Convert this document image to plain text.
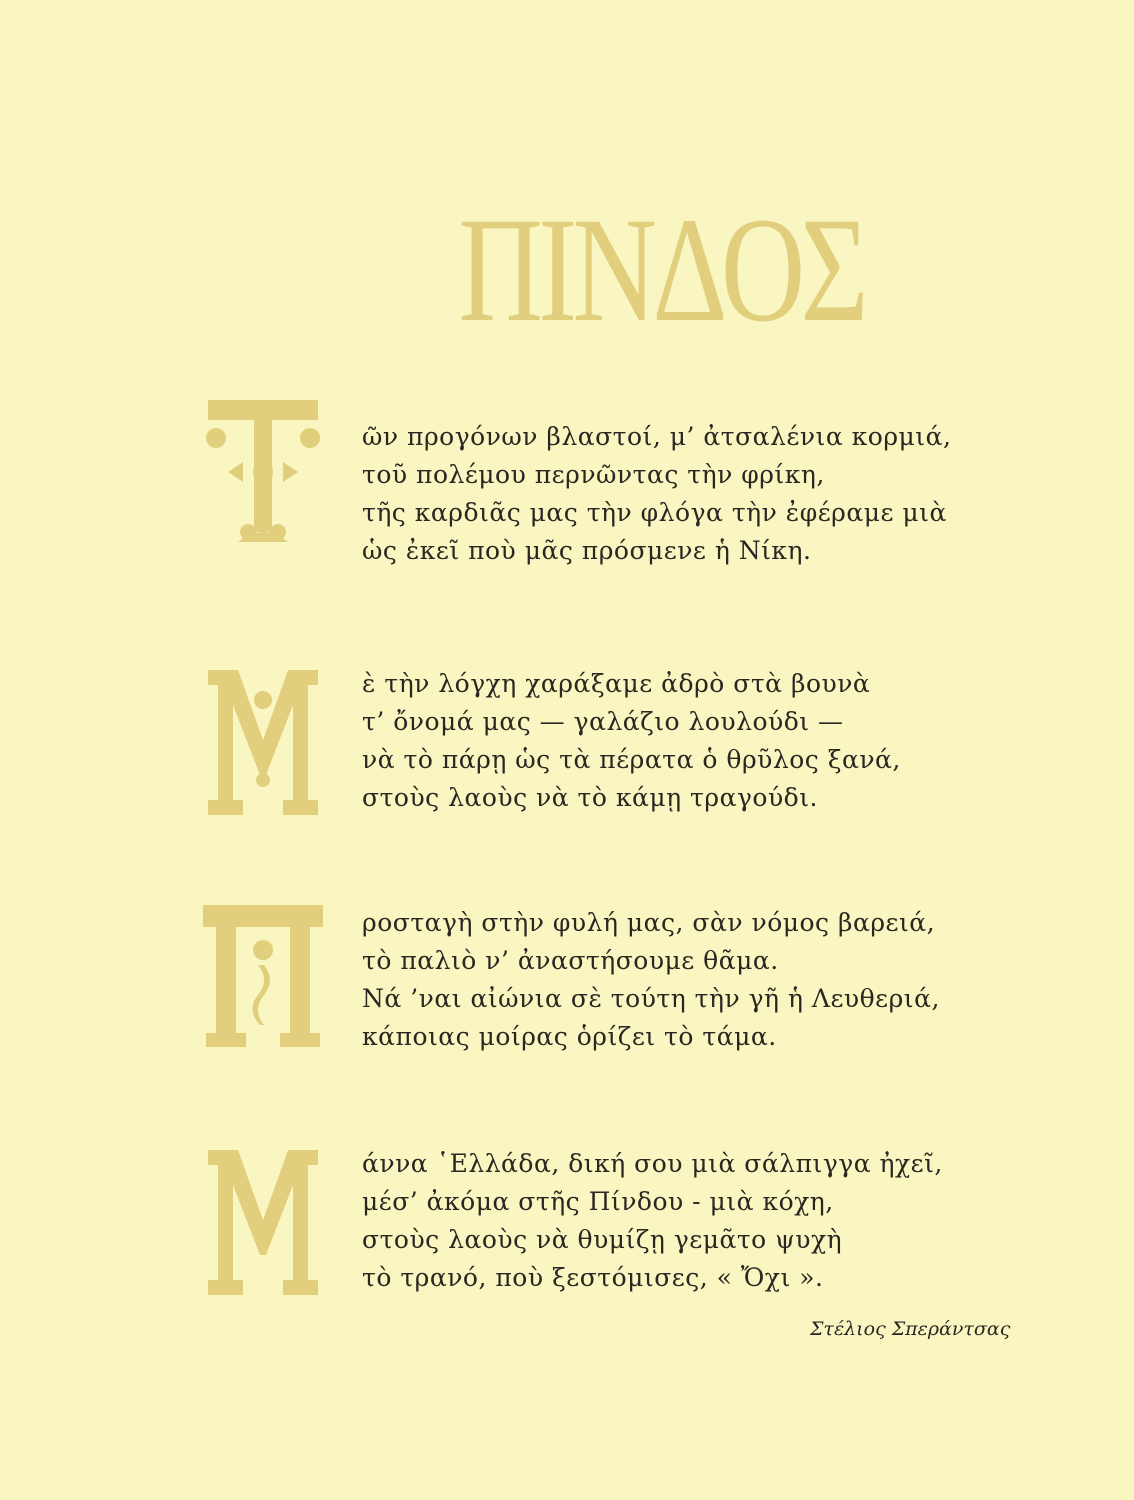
ΠΙΝΔΟΣ
ῶν προγόνων βλαστοί, μ’ ἀτσαλένια κορμιά,
τοῦ πολέμου περνῶντας τὴν φρίκη,
τῆς καρδιᾶς μας τὴν φλόγα τὴν ἐφέραμε μιὰ
ὡς ἐκεῖ ποὺ μᾶς πρόσμενε ἡ Νίκη.
ὲ τὴν λόγχη χαράξαμε ἀδρὸ στὰ βουνὰ
τ’ ὄνομά μας — γαλάζιο λουλούδι —
νὰ τὸ πάρῃ ὡς τὰ πέρατα ὁ θρῦλος ξανά,
στοὺς λαοὺς νὰ τὸ κάμῃ τραγούδι.
ροσταγὴ στὴν φυλή μας, σὰν νόμος βαρειά,
τὸ παλιὸ ν’ ἀναστήσουμε θᾶμα.
Νά ’ναι αἰώνια σὲ τούτη τὴν γῆ ἡ Λευθεριά,
κάποιας μοίρας ὁρίζει τὸ τάμα.
άννα ῾Ελλάδα, δική σου μιὰ σάλπιγγα ἠχεῖ,
μέσ’ ἀκόμα στῆς Πίνδου - μιὰ κόχη,
στοὺς λαοὺς νὰ θυμίζῃ γεμᾶτο ψυχὴ
τὸ τρανό, ποὺ ξεστόμισες, « Ὄχι ».
Στέλιος Σπεράντσας
